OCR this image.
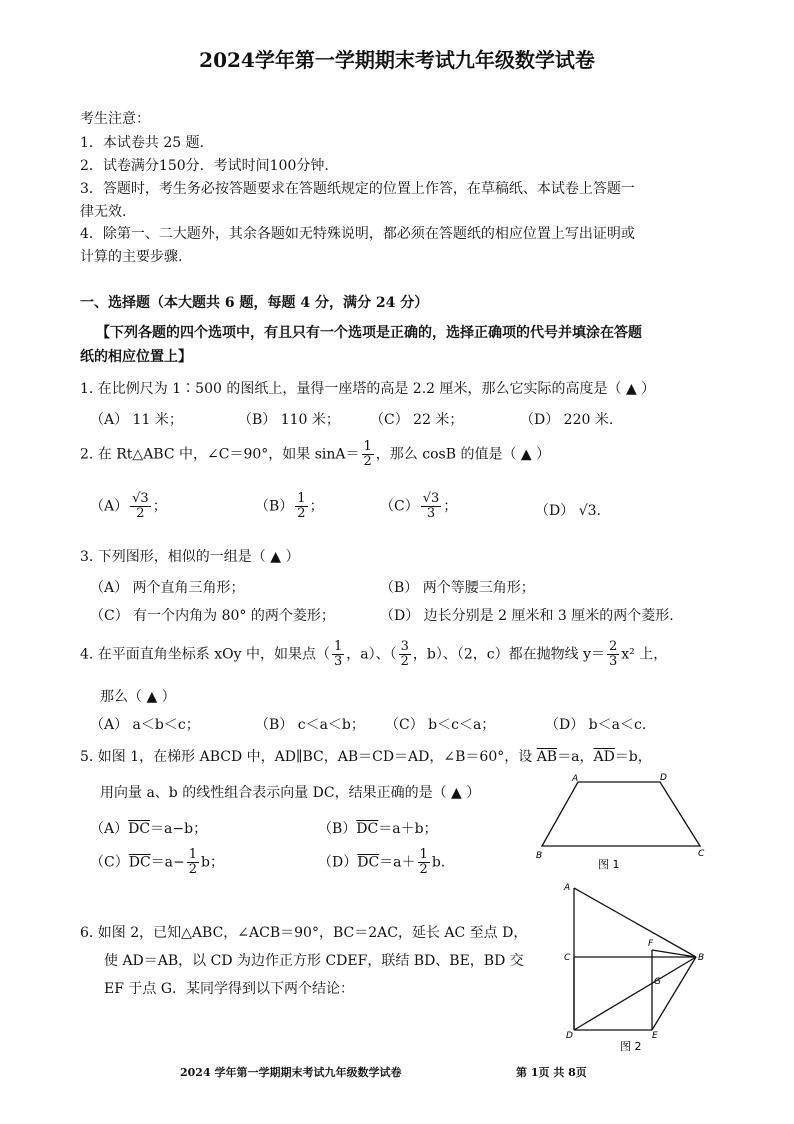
2024学年第一学期期末考试九年级数学试卷
考生注意：
1．本试卷共 25 题.
2．试卷满分150分．考试时间100分钟.
3．答题时，考生务必按答题要求在答题纸规定的位置上作答，在草稿纸、本试卷上答题一
律无效.
4．除第一、二大题外，其余各题如无特殊说明，都必须在答题纸的相应位置上写出证明或
计算的主要步骤.
一、选择题（本大题共 6 题，每题 4 分，满分 24 分）
【下列各题的四个选项中，有且只有一个选项是正确的，选择正确项的代号并填涂在答题
纸的相应位置上】
1. 在比例尺为 1∶500 的图纸上，量得一座塔的高是 2.2 厘米，那么它实际的高度是（ ▲ ）
（A） 11 米；	（B） 110 米； （C） 22 米；	（D） 220 米.
2. 在 Rt△ABC 中，∠C＝90°，如果 $\sin A= \frac{1}{2}$ ，那么 cosB 的值是（ ▲ ）
$(A) \frac{√3}{2}$ ；	$(B) \frac{1}{2}$ ；	$(C) \frac{√3}{3}$ ；	（D） √3.
3. 下列图形，相似的一组是（ ▲ ）
（A） 两个直角三角形；	（B） 两个等腰三角形；
（C） 有一个内角为 80° 的两个菱形；	（D） 边长分别是 2 厘米和 3 厘米的两个菱形.
4. 在平面直角坐标系 xOy 中，如果点（ $\frac{1}{3}$ ，a）、（ $\frac{3}{2}$ ，b）、（2，c）都在抛物线 $y= \frac{2}{3} x^2$ 上，
那么（ ▲ ）
（A） a＜b＜c；	（B） c＜a＜b； （C） b＜c＜a；	（D） b＜a＜c.
5. 如图 1，在梯形 ABCD 中，AD∥BC，AB＝CD＝AD，∠B＝60°，设 $\overline{AB}=a$，$\overline{AD}=b$，
用向量 a、b 的线性组合表示向量 DC，结果正确的是（ ▲ ）
$(A)\overline{DC}=a-b$；	$(B)\overline{DC}=a+b$；
$(C)\overline{DC}=a- \frac{1}{2}$ b；	$(D)\overline{DC}=a+ \frac{1}{2} b$.
A	D
B	C
图 1
6. 如图 2，已知△ABC，∠ACB＝90°，BC＝2AC，延长 AC 至点 D，
使 AD＝AB，以 CD 为边作正方形 CDEF，联结 BD、BE，BD 交
EF 于点 G．某同学得到以下两个结论：
A
C
F
B
G
D	E
图 2
2024 学年第一学期期末考试九年级数学试卷	第 1页 共 8页
